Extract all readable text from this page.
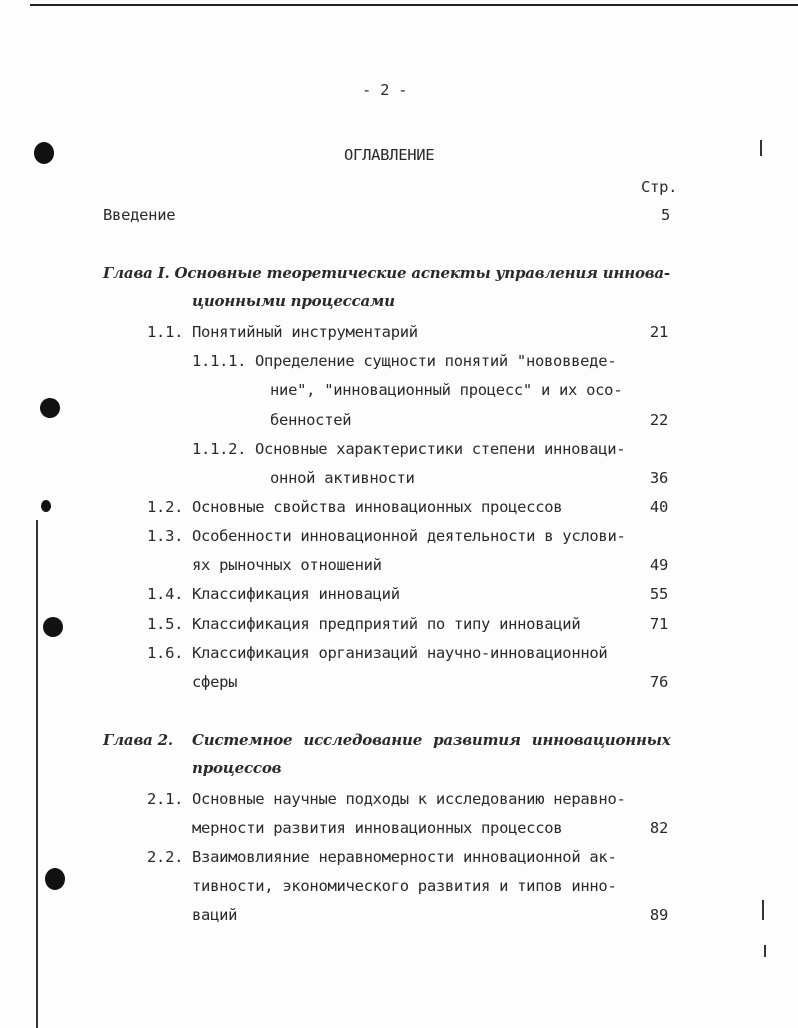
- 2 -
ОГЛАВЛЕНИЕ
Стр.
Введение	5
Глава I. Основные теоретические аспекты управления иннова-
ционными процессами
1.1. Понятийный инструментарий	21
1.1.1. Определение сущности понятий "нововведе-
ние", "инновационный процесс" и их осо-
бенностей	22
1.1.2. Основные характеристики степени инноваци-
онной активности	36
1.2. Основные свойства инновационных процессов	40
1.3. Особенности инновационной деятельности в услови-
ях рыночных отношений	49
1.4. Классификация инноваций	55
1.5. Классификация предприятий по типу инноваций	71
1.6. Классификация организаций научно-инновационной
сферы	76
Глава 2. Системное исследование развития инновационных
процессов
2.1. Основные научные подходы к исследованию неравно-
мерности развития инновационных процессов	82
2.2. Взаимовлияние неравномерности инновационной ак-
тивности, экономического развития и типов инно-
ваций	89
